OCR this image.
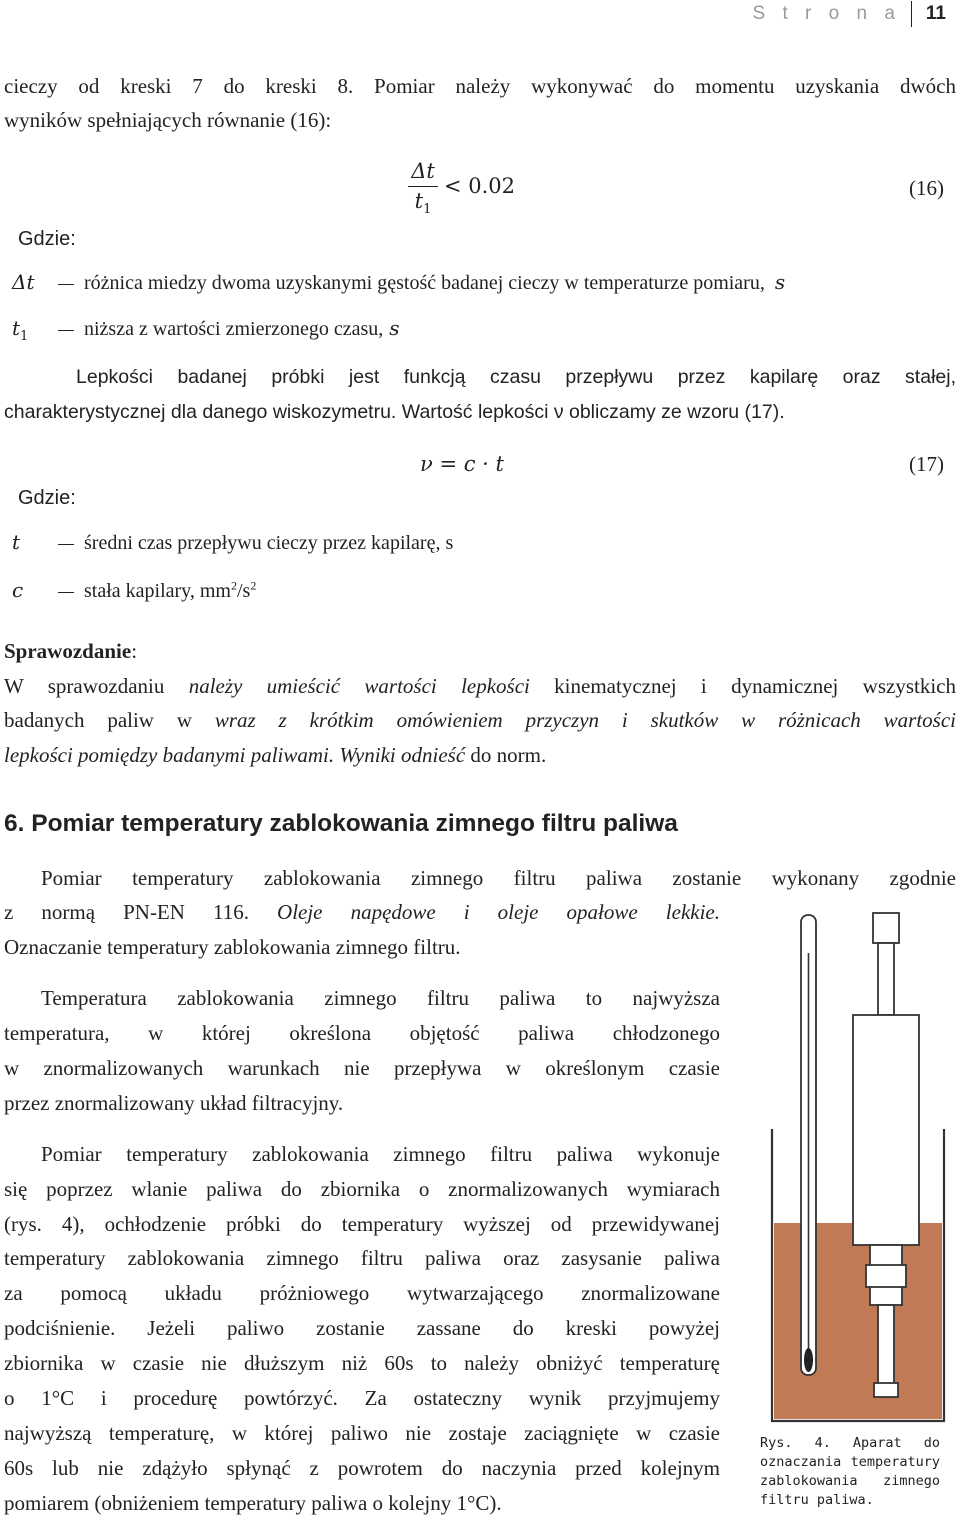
S t r o n a	11
cieczy od kreski 7 do kreski 8. Pomiar należy wykonywać do momentu uzyskania dwóch
wyników spełniających równanie (16):
Δt
$t_1$
< 0.02	(16)
Gdzie:
Δt różnica miedzy dwoma uzyskanymi gęstość badanej cieczy w temperaturze pomiaru, s
$t_1$	niższa z wartości zmierzonego czasu, s
Lepkości badanej próbki jest funkcją czasu przepływu przez kapilarę oraz stałej,
charakterystycznej dla danego wiskozymetru. Wartość lepkości ν obliczamy ze wzoru (17).
ν = c · t	(17)
Gdzie:
t	średni czas przepływu cieczy przez kapilarę, s
c	stała kapilary, $mm^2/s^2$
Sprawozdanie:
W sprawozdaniu należy umieścić wartości lepkości kinematycznej i dynamicznej wszystkich
badanych paliw w wraz z krótkim omówieniem przyczyn i skutków w różnicach wartości
lepkości pomiędzy badanymi paliwami. Wyniki odnieść do norm.
6. Pomiar temperatury zablokowania zimnego filtru paliwa
Pomiar temperatury zablokowania zimnego filtru paliwa zostanie wykonany zgodnie
z normą PN-EN 116. Oleje napędowe i oleje opałowe lekkie.
Oznaczanie temperatury zablokowania zimnego filtru.
Temperatura zablokowania zimnego filtru paliwa to najwyższa
temperatura, w której określona objętość paliwa chłodzonego
w znormalizowanych warunkach nie przepływa w określonym czasie
przez znormalizowany układ filtracyjny.
Pomiar temperatury zablokowania zimnego filtru paliwa wykonuje
się poprzez wlanie paliwa do zbiornika o znormalizowanych wymiarach
(rys. 4), ochłodzenie próbki do temperatury wyższej od przewidywanej
temperatury zablokowania zimnego filtru paliwa oraz zasysanie paliwa
za pomocą układu próżniowego wytwarzającego znormalizowane
podciśnienie. Jeżeli paliwo zostanie zassane do kreski powyżej
zbiornika w czasie nie dłuższym niż 60s to należy obniżyć temperaturę
o 1°C i procedurę powtórzyć. Za ostateczny wynik przyjmujemy
najwyższą temperaturę, w której paliwo nie zostaje zaciągnięte w czasie
60s lub nie zdążyło spłynąć z powrotem do naczynia przed kolejnym
pomiarem (obniżeniem temperatury paliwa o kolejny 1°C).
Rys. 4. Aparat do
oznaczania temperatury
zablokowania zimnego
filtru paliwa.
